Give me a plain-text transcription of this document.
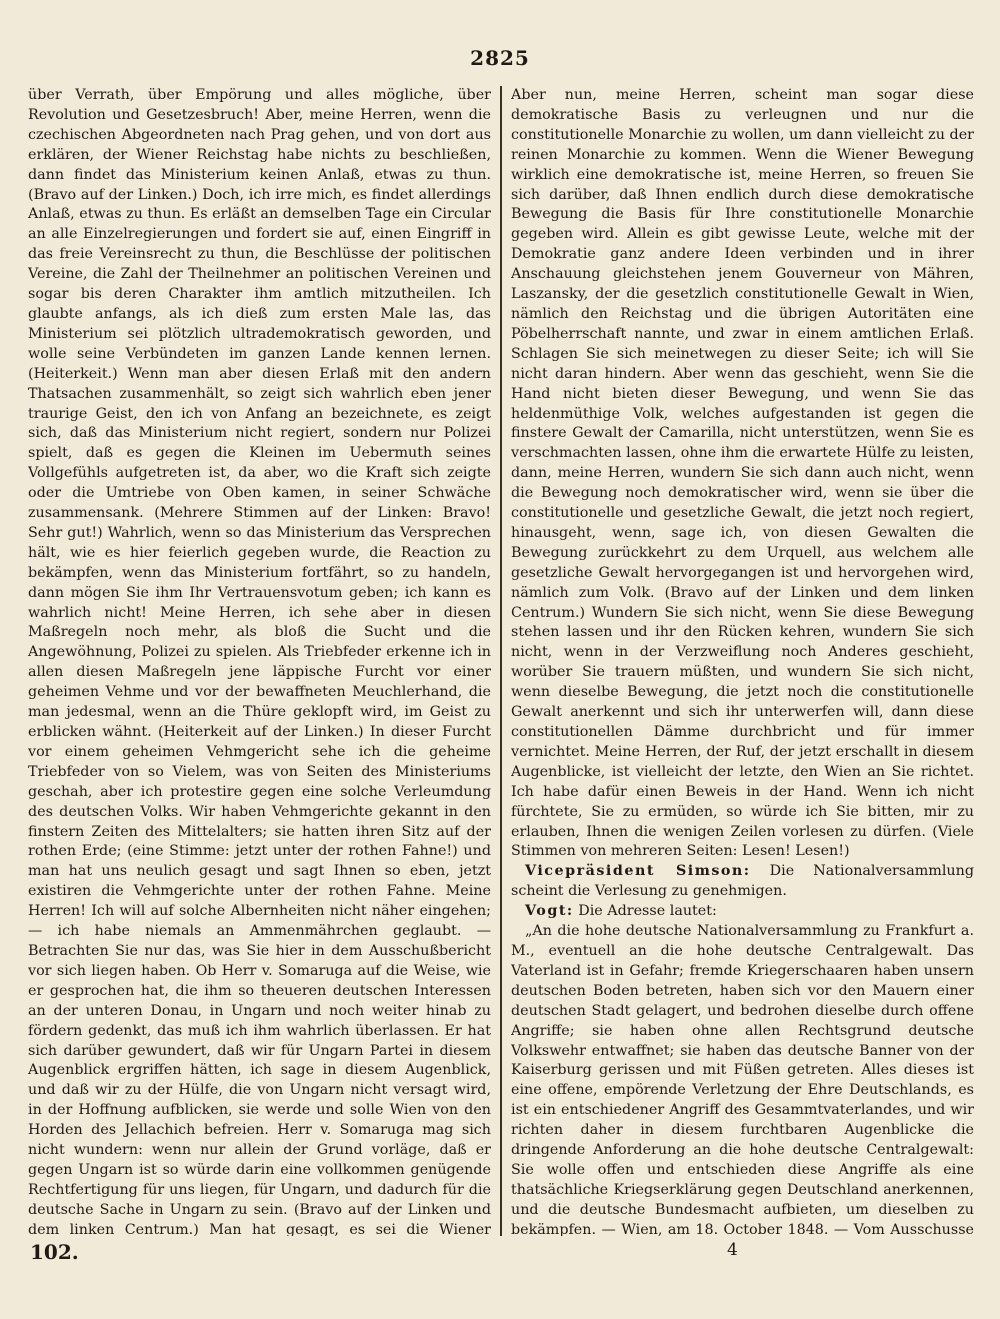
2825

über Verrath, über Empörung und alles mögliche, über Revolution und Gesetzesbruch! Aber, meine Herren, wenn die czechischen Abgeordneten nach Prag gehen, und von dort aus erklären, der Wiener Reichstag habe nichts zu beschließen, dann findet das Ministerium keinen Anlaß, etwas zu thun. (Bravo auf der Linken.) Doch, ich irre mich, es findet allerdings Anlaß, etwas zu thun. Es erläßt an demselben Tage ein Circular an alle Einzelregierungen und fordert sie auf, einen Eingriff in das freie Vereinsrecht zu thun, die Beschlüsse der politischen Vereine, die Zahl der Theilnehmer an politischen Vereinen und sogar bis deren Charakter ihm amtlich mitzutheilen. Ich glaubte anfangs, als ich dieß zum ersten Male las, das Ministerium sei plötzlich ultrademokratisch geworden, und wolle seine Verbündeten im ganzen Lande kennen lernen. (Heiterkeit.) Wenn man aber diesen Erlaß mit den andern Thatsachen zusammenhält, so zeigt sich wahrlich eben jener traurige Geist, den ich von Anfang an bezeichnete, es zeigt sich, daß das Ministerium nicht regiert, sondern nur Polizei spielt, daß es gegen die Kleinen im Uebermuth seines Vollgefühls aufgetreten ist, da aber, wo die Kraft sich zeigte oder die Umtriebe von Oben kamen, in seiner Schwäche zusammensank. (Mehrere Stimmen auf der Linken: Bravo! Sehr gut!) Wahrlich, wenn so das Ministerium das Versprechen hält, wie es hier feierlich gegeben wurde, die Reaction zu bekämpfen, wenn das Ministerium fortfährt, so zu handeln, dann mögen Sie ihm Ihr Vertrauensvotum geben; ich kann es wahrlich nicht! Meine Herren, ich sehe aber in diesen Maßregeln noch mehr, als bloß die Sucht und die Angewöhnung, Polizei zu spielen. Als Triebfeder erkenne ich in allen diesen Maßregeln jene läppische Furcht vor einer geheimen Vehme und vor der bewaffneten Meuchlerhand, die man jedesmal, wenn an die Thüre geklopft wird, im Geist zu erblicken wähnt. (Heiterkeit auf der Linken.) In dieser Furcht vor einem geheimen Vehmgericht sehe ich die geheime Triebfeder von so Vielem, was von Seiten des Ministeriums geschah, aber ich protestire gegen eine solche Verleumdung des deutschen Volks. Wir haben Vehmgerichte gekannt in den finstern Zeiten des Mittelalters; sie hatten ihren Sitz auf der rothen Erde; (eine Stimme: jetzt unter der rothen Fahne!) und man hat uns neulich gesagt und sagt Ihnen so eben, jetzt existiren die Vehmgerichte unter der rothen Fahne. Meine Herren! Ich will auf solche Albernheiten nicht näher eingehen; — ich habe niemals an Ammenmährchen geglaubt. — Betrachten Sie nur das, was Sie hier in dem Ausschußbericht vor sich liegen haben. Ob Herr v. Somaruga auf die Weise, wie er gesprochen hat, die ihm so theueren deutschen Interessen an der unteren Donau, in Ungarn und noch weiter hinab zu fördern gedenkt, das muß ich ihm wahrlich überlassen. Er hat sich darüber gewundert, daß wir für Ungarn Partei in diesem Augenblick ergriffen hätten, ich sage in diesem Augenblick, und daß wir zu der Hülfe, die von Ungarn nicht versagt wird, in der Hoffnung aufblicken, sie werde und solle Wien von den Horden des Jellachich befreien. Herr v. Somaruga mag sich nicht wundern: wenn nur allein der Grund vorläge, daß er gegen Ungarn ist so würde darin eine vollkommen genügende Rechtfertigung für uns liegen, für Ungarn, und dadurch für die deutsche Sache in Ungarn zu sein. (Bravo auf der Linken und dem linken Centrum.) Man hat gesagt, es sei die Wiener

Aber nun, meine Herren, scheint man sogar diese demokratische Basis zu verleugnen und nur die constitutionelle Monarchie zu wollen, um dann vielleicht zu der reinen Monarchie zu kommen. Wenn die Wiener Bewegung wirklich eine demokratische ist, meine Herren, so freuen Sie sich darüber, daß Ihnen endlich durch diese demokratische Bewegung die Basis für Ihre constitutionelle Monarchie gegeben wird. Allein es gibt gewisse Leute, welche mit der Demokratie ganz andere Ideen verbinden und in ihrer Anschauung gleichstehen jenem Gouverneur von Mähren, Laszansky, der die gesetzlich constitutionelle Gewalt in Wien, nämlich den Reichstag und die übrigen Autoritäten eine Pöbelherrschaft nannte, und zwar in einem amtlichen Erlaß. Schlagen Sie sich meinetwegen zu dieser Seite; ich will Sie nicht daran hindern. Aber wenn das geschieht, wenn Sie die Hand nicht bieten dieser Bewegung, und wenn Sie das heldenmüthige Volk, welches aufgestanden ist gegen die finstere Gewalt der Camarilla, nicht unterstützen, wenn Sie es verschmachten lassen, ohne ihm die erwartete Hülfe zu leisten, dann, meine Herren, wundern Sie sich dann auch nicht, wenn die Bewegung noch demokratischer wird, wenn sie über die constitutionelle und gesetzliche Gewalt, die jetzt noch regiert, hinausgeht, wenn, sage ich, von diesen Gewalten die Bewegung zurückkehrt zu dem Urquell, aus welchem alle gesetzliche Gewalt hervorgegangen ist und hervorgehen wird, nämlich zum Volk. (Bravo auf der Linken und dem linken Centrum.) Wundern Sie sich nicht, wenn Sie diese Bewegung stehen lassen und ihr den Rücken kehren, wundern Sie sich nicht, wenn in der Verzweiflung noch Anderes geschieht, worüber Sie trauern müßten, und wundern Sie sich nicht, wenn dieselbe Bewegung, die jetzt noch die constitutionelle Gewalt anerkennt und sich ihr unterwerfen will, dann diese constitutionellen Dämme durchbricht und für immer vernichtet. Meine Herren, der Ruf, der jetzt erschallt in diesem Augenblicke, ist vielleicht der letzte, den Wien an Sie richtet. Ich habe dafür einen Beweis in der Hand. Wenn ich nicht fürchtete, Sie zu ermüden, so würde ich Sie bitten, mir zu erlauben, Ihnen die wenigen Zeilen vorlesen zu dürfen. (Viele Stimmen von mehreren Seiten: Lesen! Lesen!)

Vicepräsident Simson: Die Nationalversammlung scheint die Verlesung zu genehmigen.

Vogt: Die Adresse lautet:

„An die hohe deutsche Nationalversammlung zu Frankfurt a. M., eventuell an die hohe deutsche Centralgewalt. Das Vaterland ist in Gefahr; fremde Kriegerschaaren haben unsern deutschen Boden betreten, haben sich vor den Mauern einer deutschen Stadt gelagert, und bedrohen dieselbe durch offene Angriffe; sie haben ohne allen Rechtsgrund deutsche Volkswehr entwaffnet; sie haben das deutsche Banner von der Kaiserburg gerissen und mit Füßen getreten. Alles dieses ist eine offene, empörende Verletzung der Ehre Deutschlands, es ist ein entschiedener Angriff des Gesammtvaterlandes, und wir richten daher in diesem furchtbaren Augenblicke die dringende Anforderung an die hohe deutsche Centralgewalt: Sie wolle offen und entschieden diese Angriffe als eine thatsächliche Kriegserklärung gegen Deutschland anerkennen, und die deutsche Bundesmacht aufbieten, um dieselben zu bekämpfen. — Wien, am 18. October 1848. — Vom Ausschusse

102.	4
